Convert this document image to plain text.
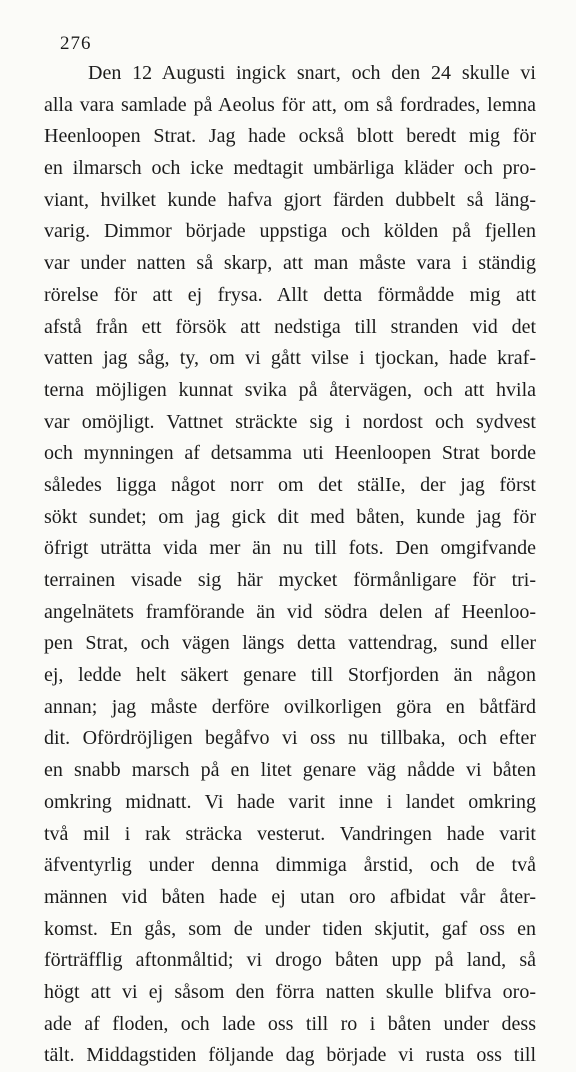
276
Den 12 Augusti ingick snart, och den 24 skulle vi
alla vara samlade på Aeolus för att, om så fordrades, lemna
Heenloopen Strat. Jag hade också blott beredt mig för
en ilmarsch och icke medtagit umbärliga kläder och pro-
viant, hvilket kunde hafva gjort färden dubbelt så läng-
varig. Dimmor började uppstiga och kölden på fjellen
var under natten så skarp, att man måste vara i ständig
rörelse för att ej frysa. Allt detta förmådde mig att
afstå från ett försök att nedstiga till stranden vid det
vatten jag såg, ty, om vi gått vilse i tjockan, hade kraf-
terna möjligen kunnat svika på återvägen, och att hvila
var omöjligt. Vattnet sträckte sig i nordost och sydvest
och mynningen af detsamma uti Heenloopen Strat borde
således ligga något norr om det stälIe, der jag först
sökt sundet; om jag gick dit med båten, kunde jag för
öfrigt uträtta vida mer än nu till fots. Den omgifvande
terrainen visade sig här mycket förmånligare för tri-
angelnätets framförande än vid södra delen af Heenloo-
pen Strat, och vägen längs detta vattendrag, sund eller
ej, ledde helt säkert genare till Storfjorden än någon
annan; jag måste derföre ovilkorligen göra en båtfärd
dit. Ofördröjligen begåfvo vi oss nu tillbaka, och efter
en snabb marsch på en litet genare väg nådde vi båten
omkring midnatt. Vi hade varit inne i landet omkring
två mil i rak sträcka vesterut. Vandringen hade varit
äfventyrlig under denna dimmiga årstid, och de två
männen vid båten hade ej utan oro afbidat vår åter-
komst. En gås, som de under tiden skjutit, gaf oss en
förträfflig aftonmåltid; vi drogo båten upp på land, så
högt att vi ej såsom den förra natten skulle blifva oro-
ade af floden, och lade oss till ro i båten under dess
tält. Middagstiden följande dag började vi rusta oss till
